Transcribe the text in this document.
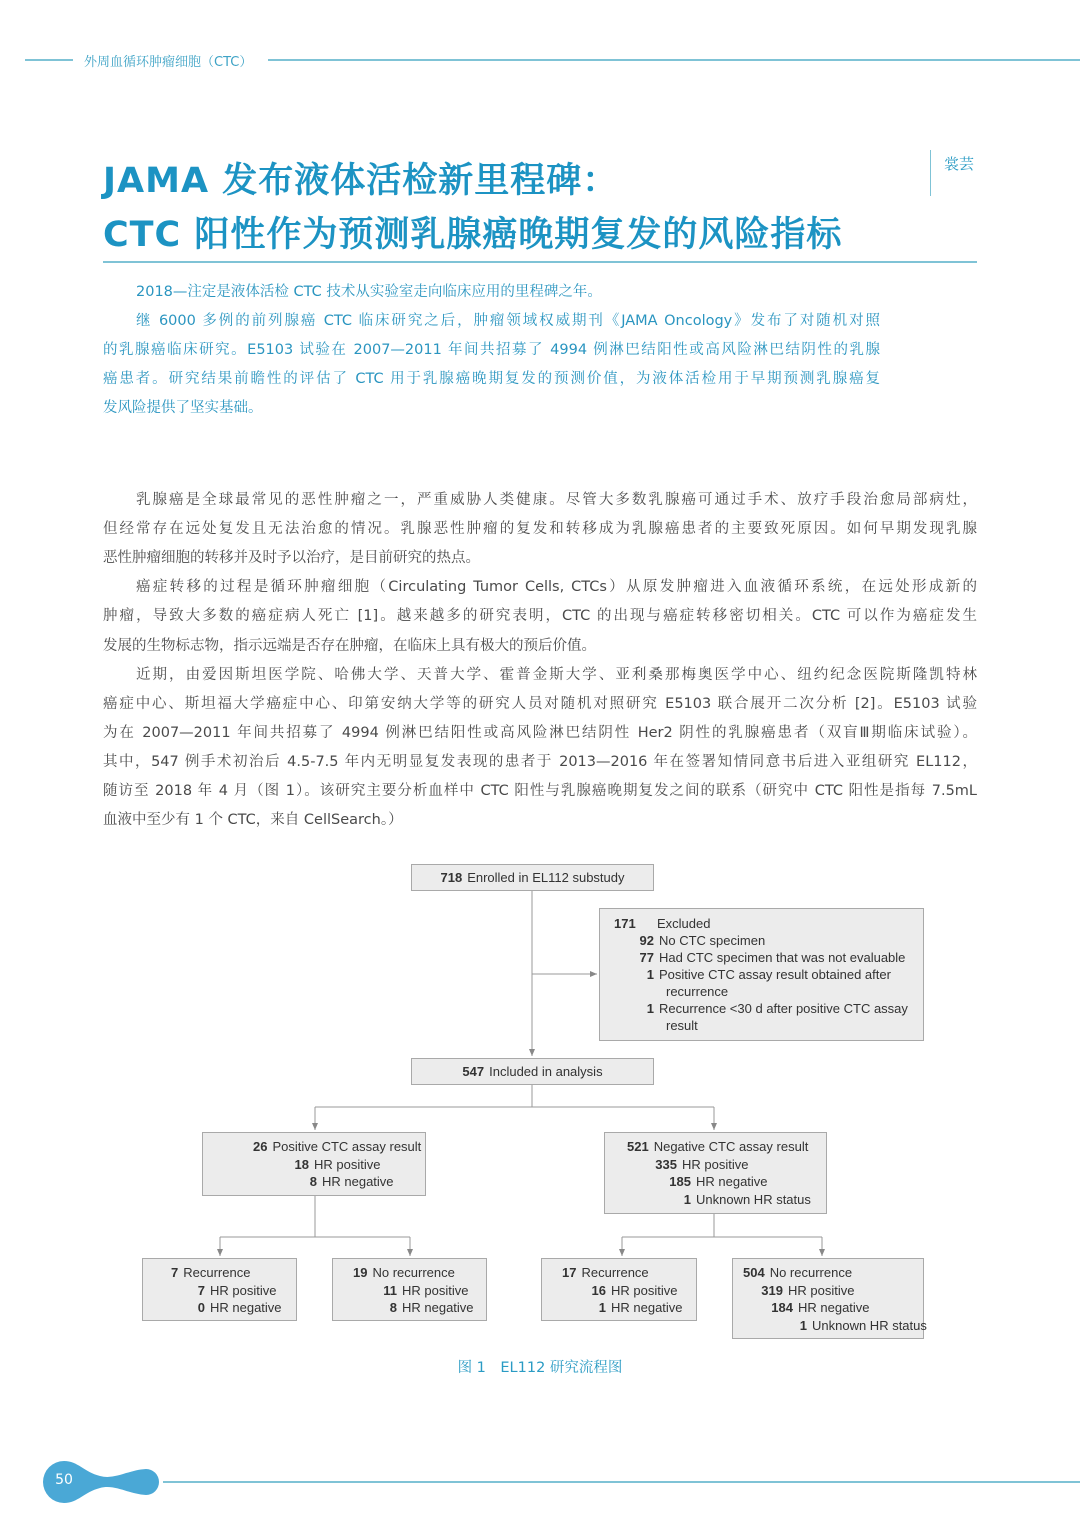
外周血循环肿瘤细胞（CTC）
JAMA 发布液体活检新里程碑：
CTC 阳性作为预测乳腺癌晚期复发的风险指标
裳芸
2018—注定是液体活检 CTC 技术从实验室走向临床应用的里程碑之年。
继 6000 多例的前列腺癌 CTC 临床研究之后，肿瘤领域权威期刊《JAMA Oncology》发布了对随机对照
的乳腺癌临床研究。E5103 试验在 2007—2011 年间共招募了 4994 例淋巴结阳性或高风险淋巴结阴性的乳腺
癌患者。研究结果前瞻性的评估了 CTC 用于乳腺癌晚期复发的预测价值，为液体活检用于早期预测乳腺癌复
发风险提供了坚实基础。
乳腺癌是全球最常见的恶性肿瘤之一，严重威胁人类健康。尽管大多数乳腺癌可通过手术、放疗手段治愈局部病灶，
但经常存在远处复发且无法治愈的情况。乳腺恶性肿瘤的复发和转移成为乳腺癌患者的主要致死原因。如何早期发现乳腺
恶性肿瘤细胞的转移并及时予以治疗，是目前研究的热点。
癌症转移的过程是循环肿瘤细胞（Circulating Tumor Cells, CTCs）从原发肿瘤进入血液循环系统，在远处形成新的
肿瘤，导致大多数的癌症病人死亡 [1]。越来越多的研究表明，CTC 的出现与癌症转移密切相关。CTC 可以作为癌症发生
发展的生物标志物，指示远端是否存在肿瘤，在临床上具有极大的预后价值。
近期，由爱因斯坦医学院、哈佛大学、天普大学、霍普金斯大学、亚利桑那梅奥医学中心、纽约纪念医院斯隆凯特林
癌症中心、斯坦福大学癌症中心、印第安纳大学等的研究人员对随机对照研究 E5103 联合展开二次分析 [2]。E5103 试验
为在 2007—2011 年间共招募了 4994 例淋巴结阳性或高风险淋巴结阴性 Her2 阴性的乳腺癌患者（双盲Ⅲ期临床试验）。
其中，547 例手术初治后 4.5-7.5 年内无明显复发表现的患者于 2013—2016 年在签署知情同意书后进入亚组研究 EL112，
随访至 2018 年 4 月（图 1）。该研究主要分析血样中 CTC 阳性与乳腺癌晚期复发之间的联系（研究中 CTC 阳性是指每 7.5mL
血液中至少有 1 个 CTC，来自 CellSearch。）
718 Enrolled in EL112 substudy
171 Excluded
92 No CTC specimen
77 Had CTC specimen that was not evaluable
1 Positive CTC assay result obtained after
recurrence
1 Recurrence <30 d after positive CTC assay
result
547 Included in analysis
26 Positive CTC assay result
18 HR positive
8 HR negative
521 Negative CTC assay result
335 HR positive
185 HR negative
1 Unknown HR status
7 Recurrence
7 HR positive
0 HR negative
19 No recurrence
11 HR positive
8 HR negative
17 Recurrence
16 HR positive
1 HR negative
504 No recurrence
319 HR positive
184 HR negative
1 Unknown HR status
图 1　EL112 研究流程图
50
